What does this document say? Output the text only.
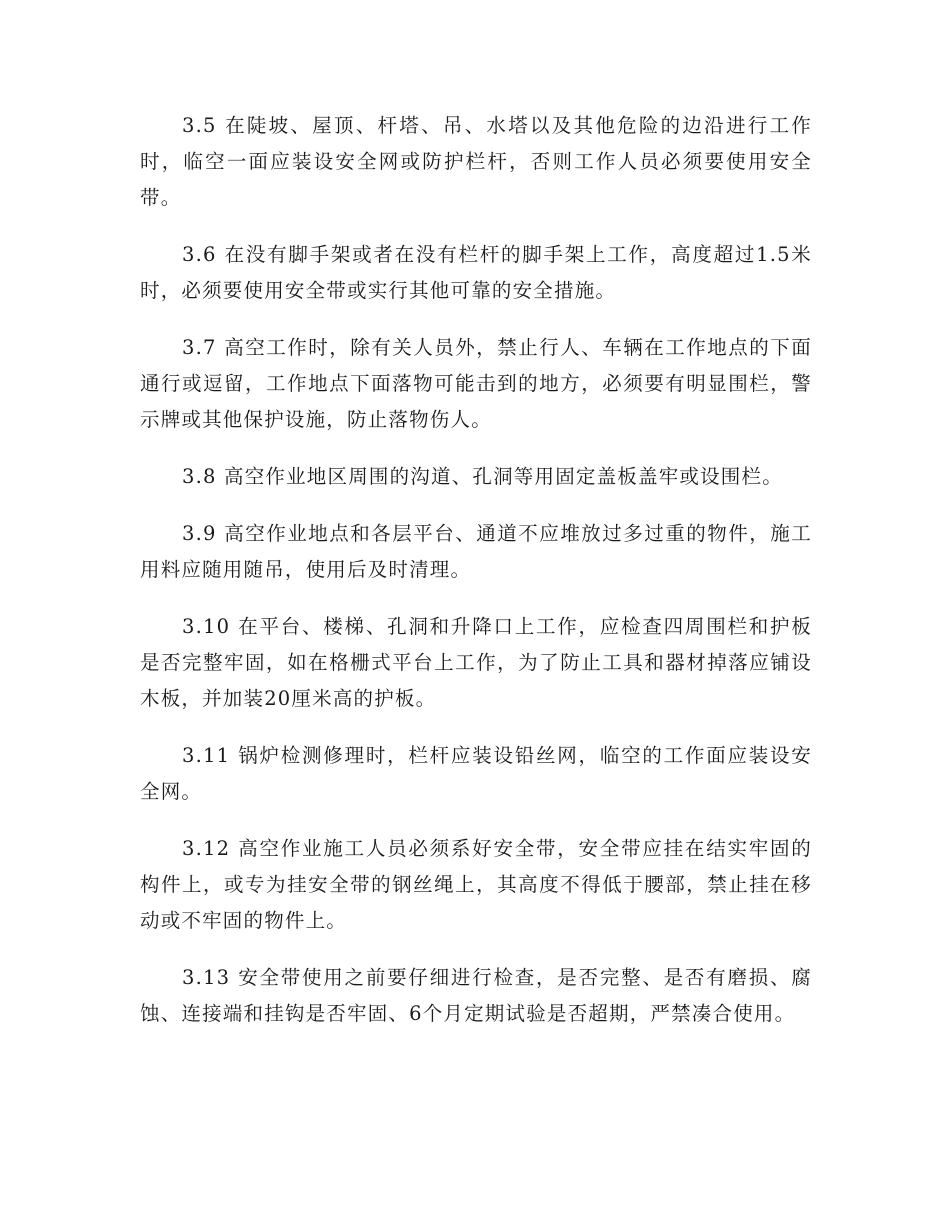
3.5 在陡坡、屋顶、杆塔、吊、水塔以及其他危险的边沿进行工作时，临空一面应装设安全网或防护栏杆，否则工作人员必须要使用安全带。

3.6 在没有脚手架或者在没有栏杆的脚手架上工作，高度超过1.5米时，必须要使用安全带或实行其他可靠的安全措施。

3.7 高空工作时，除有关人员外，禁止行人、车辆在工作地点的下面通行或逗留，工作地点下面落物可能击到的地方，必须要有明显围栏，警示牌或其他保护设施，防止落物伤人。

3.8 高空作业地区周围的沟道、孔洞等用固定盖板盖牢或设围栏。

3.9 高空作业地点和各层平台、通道不应堆放过多过重的物件，施工用料应随用随吊，使用后及时清理。

3.10 在平台、楼梯、孔洞和升降口上工作，应检查四周围栏和护板是否完整牢固，如在格栅式平台上工作，为了防止工具和器材掉落应铺设木板，并加装20厘米高的护板。

3.11 锅炉检测修理时，栏杆应装设铅丝网，临空的工作面应装设安全网。

3.12 高空作业施工人员必须系好安全带，安全带应挂在结实牢固的构件上，或专为挂安全带的钢丝绳上，其高度不得低于腰部，禁止挂在移动或不牢固的物件上。

3.13 安全带使用之前要仔细进行检查，是否完整、是否有磨损、腐蚀、连接端和挂钩是否牢固、6个月定期试验是否超期，严禁凑合使用。
